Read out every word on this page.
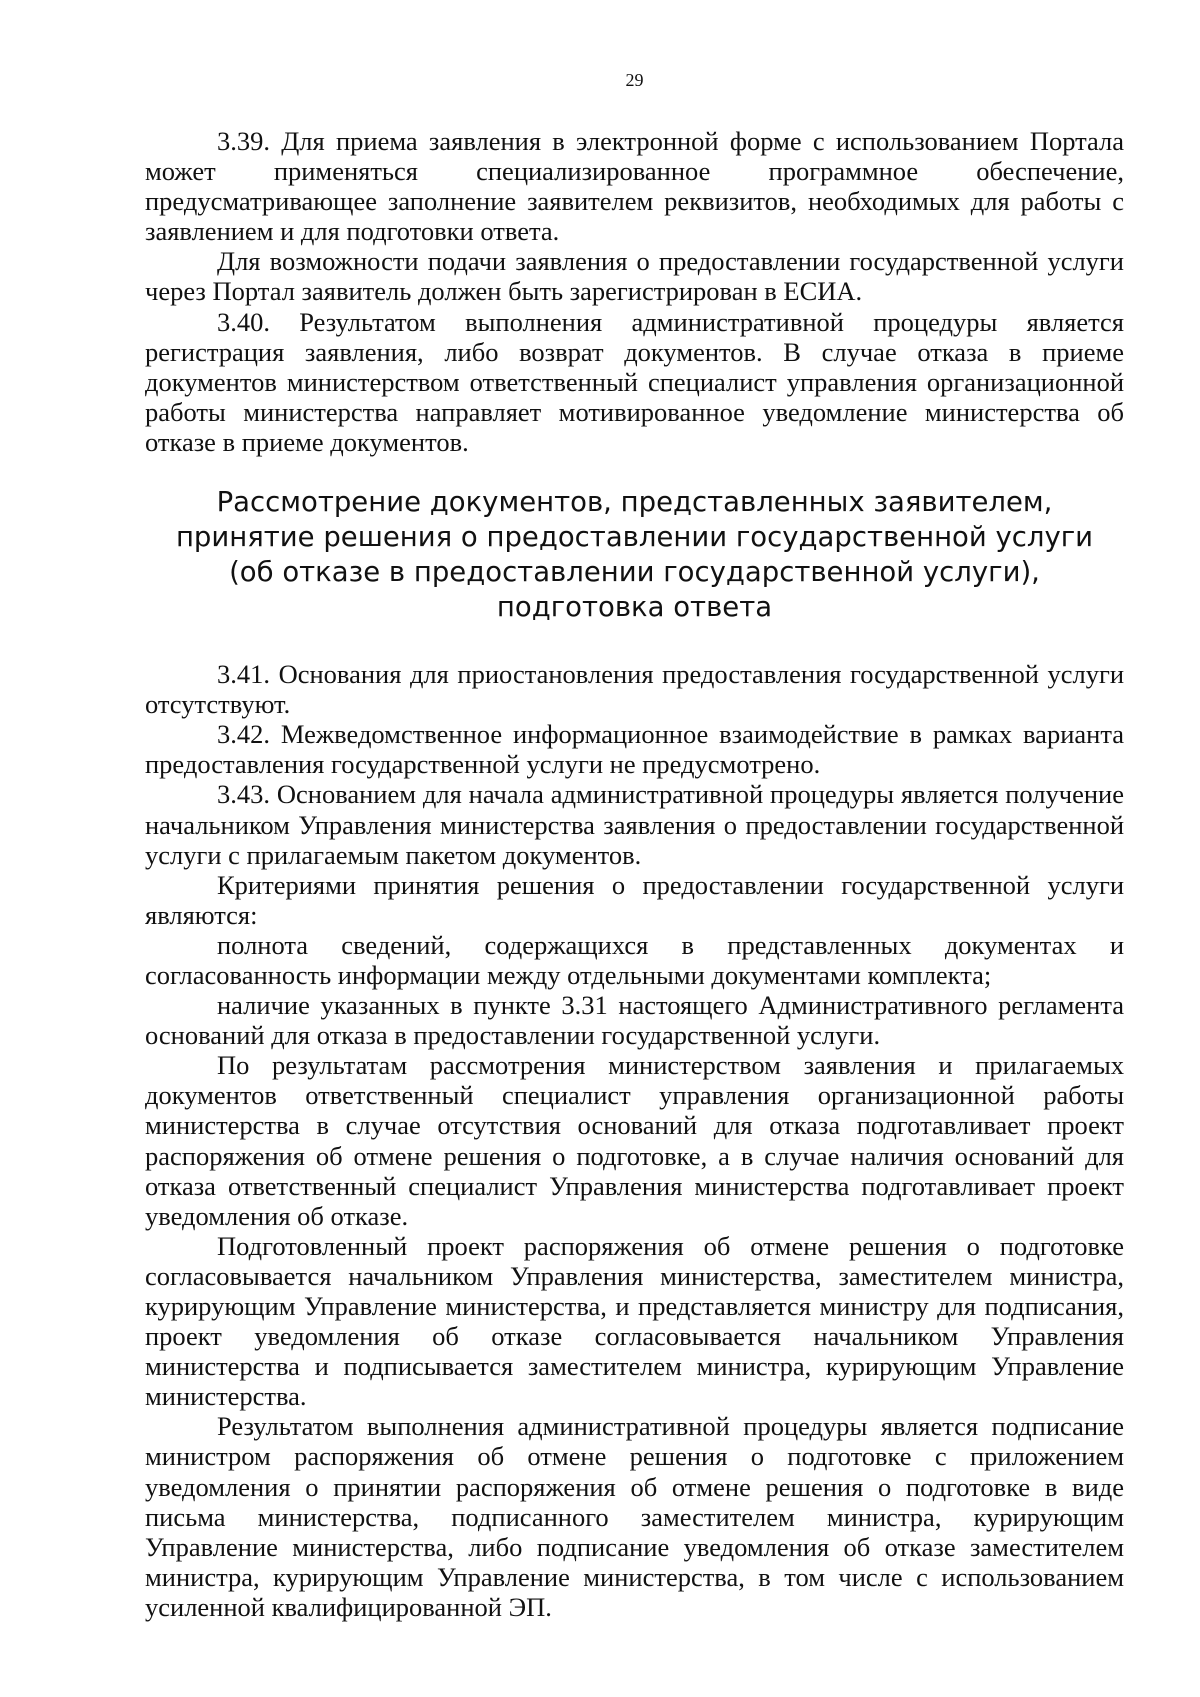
29

3.39. Для приема заявления в электронной форме с использованием Портала может применяться специализированное программное обеспечение, предусматривающее заполнение заявителем реквизитов, необходимых для работы с заявлением и для подготовки ответа.

Для возможности подачи заявления о предоставлении государственной услуги через Портал заявитель должен быть зарегистрирован в ЕСИА.

3.40. Результатом выполнения административной процедуры является регистрация заявления, либо возврат документов. В случае отказа в приеме документов министерством ответственный специалист управления организационной работы министерства направляет мотивированное уведомление министерства об отказе в приеме документов.

Рассмотрение документов, представленных заявителем, принятие решения о предоставлении государственной услуги (об отказе в предоставлении государственной услуги), подготовка ответа

3.41. Основания для приостановления предоставления государственной услуги отсутствуют.

3.42. Межведомственное информационное взаимодействие в рамках варианта предоставления государственной услуги не предусмотрено.

3.43. Основанием для начала административной процедуры является получение начальником Управления министерства заявления о предоставлении государственной услуги с прилагаемым пакетом документов.

Критериями принятия решения о предоставлении государственной услуги являются:

полнота сведений, содержащихся в представленных документах и согласованность информации между отдельными документами комплекта;

наличие указанных в пункте 3.31 настоящего Административного регламента оснований для отказа в предоставлении государственной услуги.

По результатам рассмотрения министерством заявления и прилагаемых документов ответственный специалист управления организационной работы министерства в случае отсутствия оснований для отказа подготавливает проект распоряжения об отмене решения о подготовке, а в случае наличия оснований для отказа ответственный специалист Управления министерства подготавливает проект уведомления об отказе.

Подготовленный проект распоряжения об отмене решения о подготовке согласовывается начальником Управления министерства, заместителем министра, курирующим Управление министерства, и представляется министру для подписания, проект уведомления об отказе согласовывается начальником Управления министерства и подписывается заместителем министра, курирующим Управление министерства.

Результатом выполнения административной процедуры является подписание министром распоряжения об отмене решения о подготовке с приложением уведомления о принятии распоряжения об отмене решения о подготовке в виде письма министерства, подписанного заместителем министра, курирующим Управление министерства, либо подписание уведомления об отказе заместителем министра, курирующим Управление министерства, в том числе с использованием усиленной квалифицированной ЭП.
